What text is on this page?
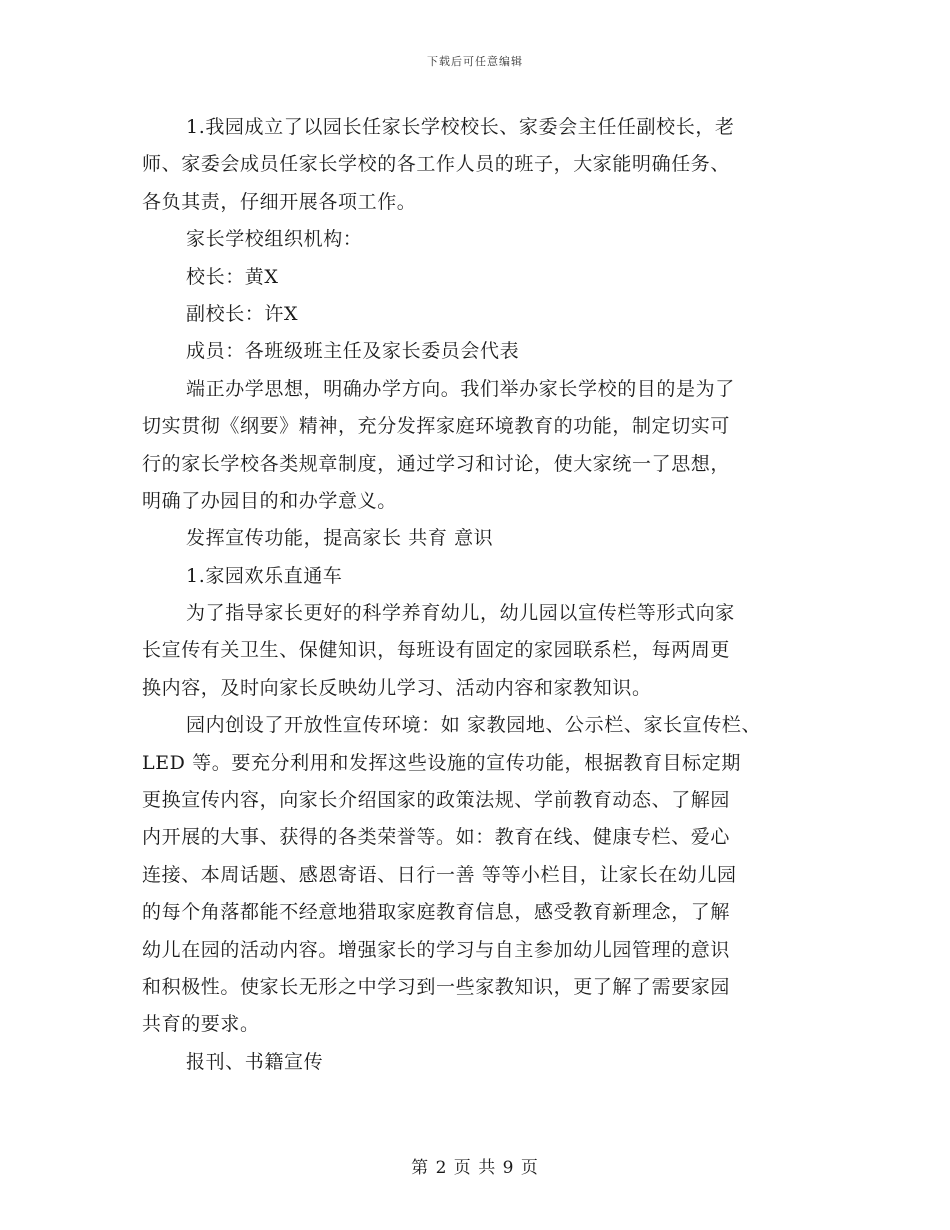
下载后可任意编辑
1.我园成立了以园长任家长学校校长、家委会主任任副校长，老
师、家委会成员任家长学校的各工作人员的班子，大家能明确任务、
各负其责，仔细开展各项工作。
家长学校组织机构：
校长：黄X
副校长：许X
成员：各班级班主任及家长委员会代表
端正办学思想，明确办学方向。我们举办家长学校的目的是为了
切实贯彻《纲要》精神，充分发挥家庭环境教育的功能，制定切实可
行的家长学校各类规章制度，通过学习和讨论，使大家统一了思想，
明确了办园目的和办学意义。
发挥宣传功能，提高家长 共育 意识
1.家园欢乐直通车
为了指导家长更好的科学养育幼儿，幼儿园以宣传栏等形式向家
长宣传有关卫生、保健知识，每班设有固定的家园联系栏，每两周更
换内容，及时向家长反映幼儿学习、活动内容和家教知识。
园内创设了开放性宣传环境：如 家教园地、公示栏、家长宣传栏、
LED 等。要充分利用和发挥这些设施的宣传功能，根据教育目标定期
更换宣传内容，向家长介绍国家的政策法规、学前教育动态、了解园
内开展的大事、获得的各类荣誉等。如：教育在线、健康专栏、爱心
连接、本周话题、感恩寄语、日行一善 等等小栏目，让家长在幼儿园
的每个角落都能不经意地猎取家庭教育信息，感受教育新理念，了解
幼儿在园的活动内容。增强家长的学习与自主参加幼儿园管理的意识
和积极性。使家长无形之中学习到一些家教知识，更了解了需要家园
共育的要求。
报刊、书籍宣传
第 2 页 共 9 页
